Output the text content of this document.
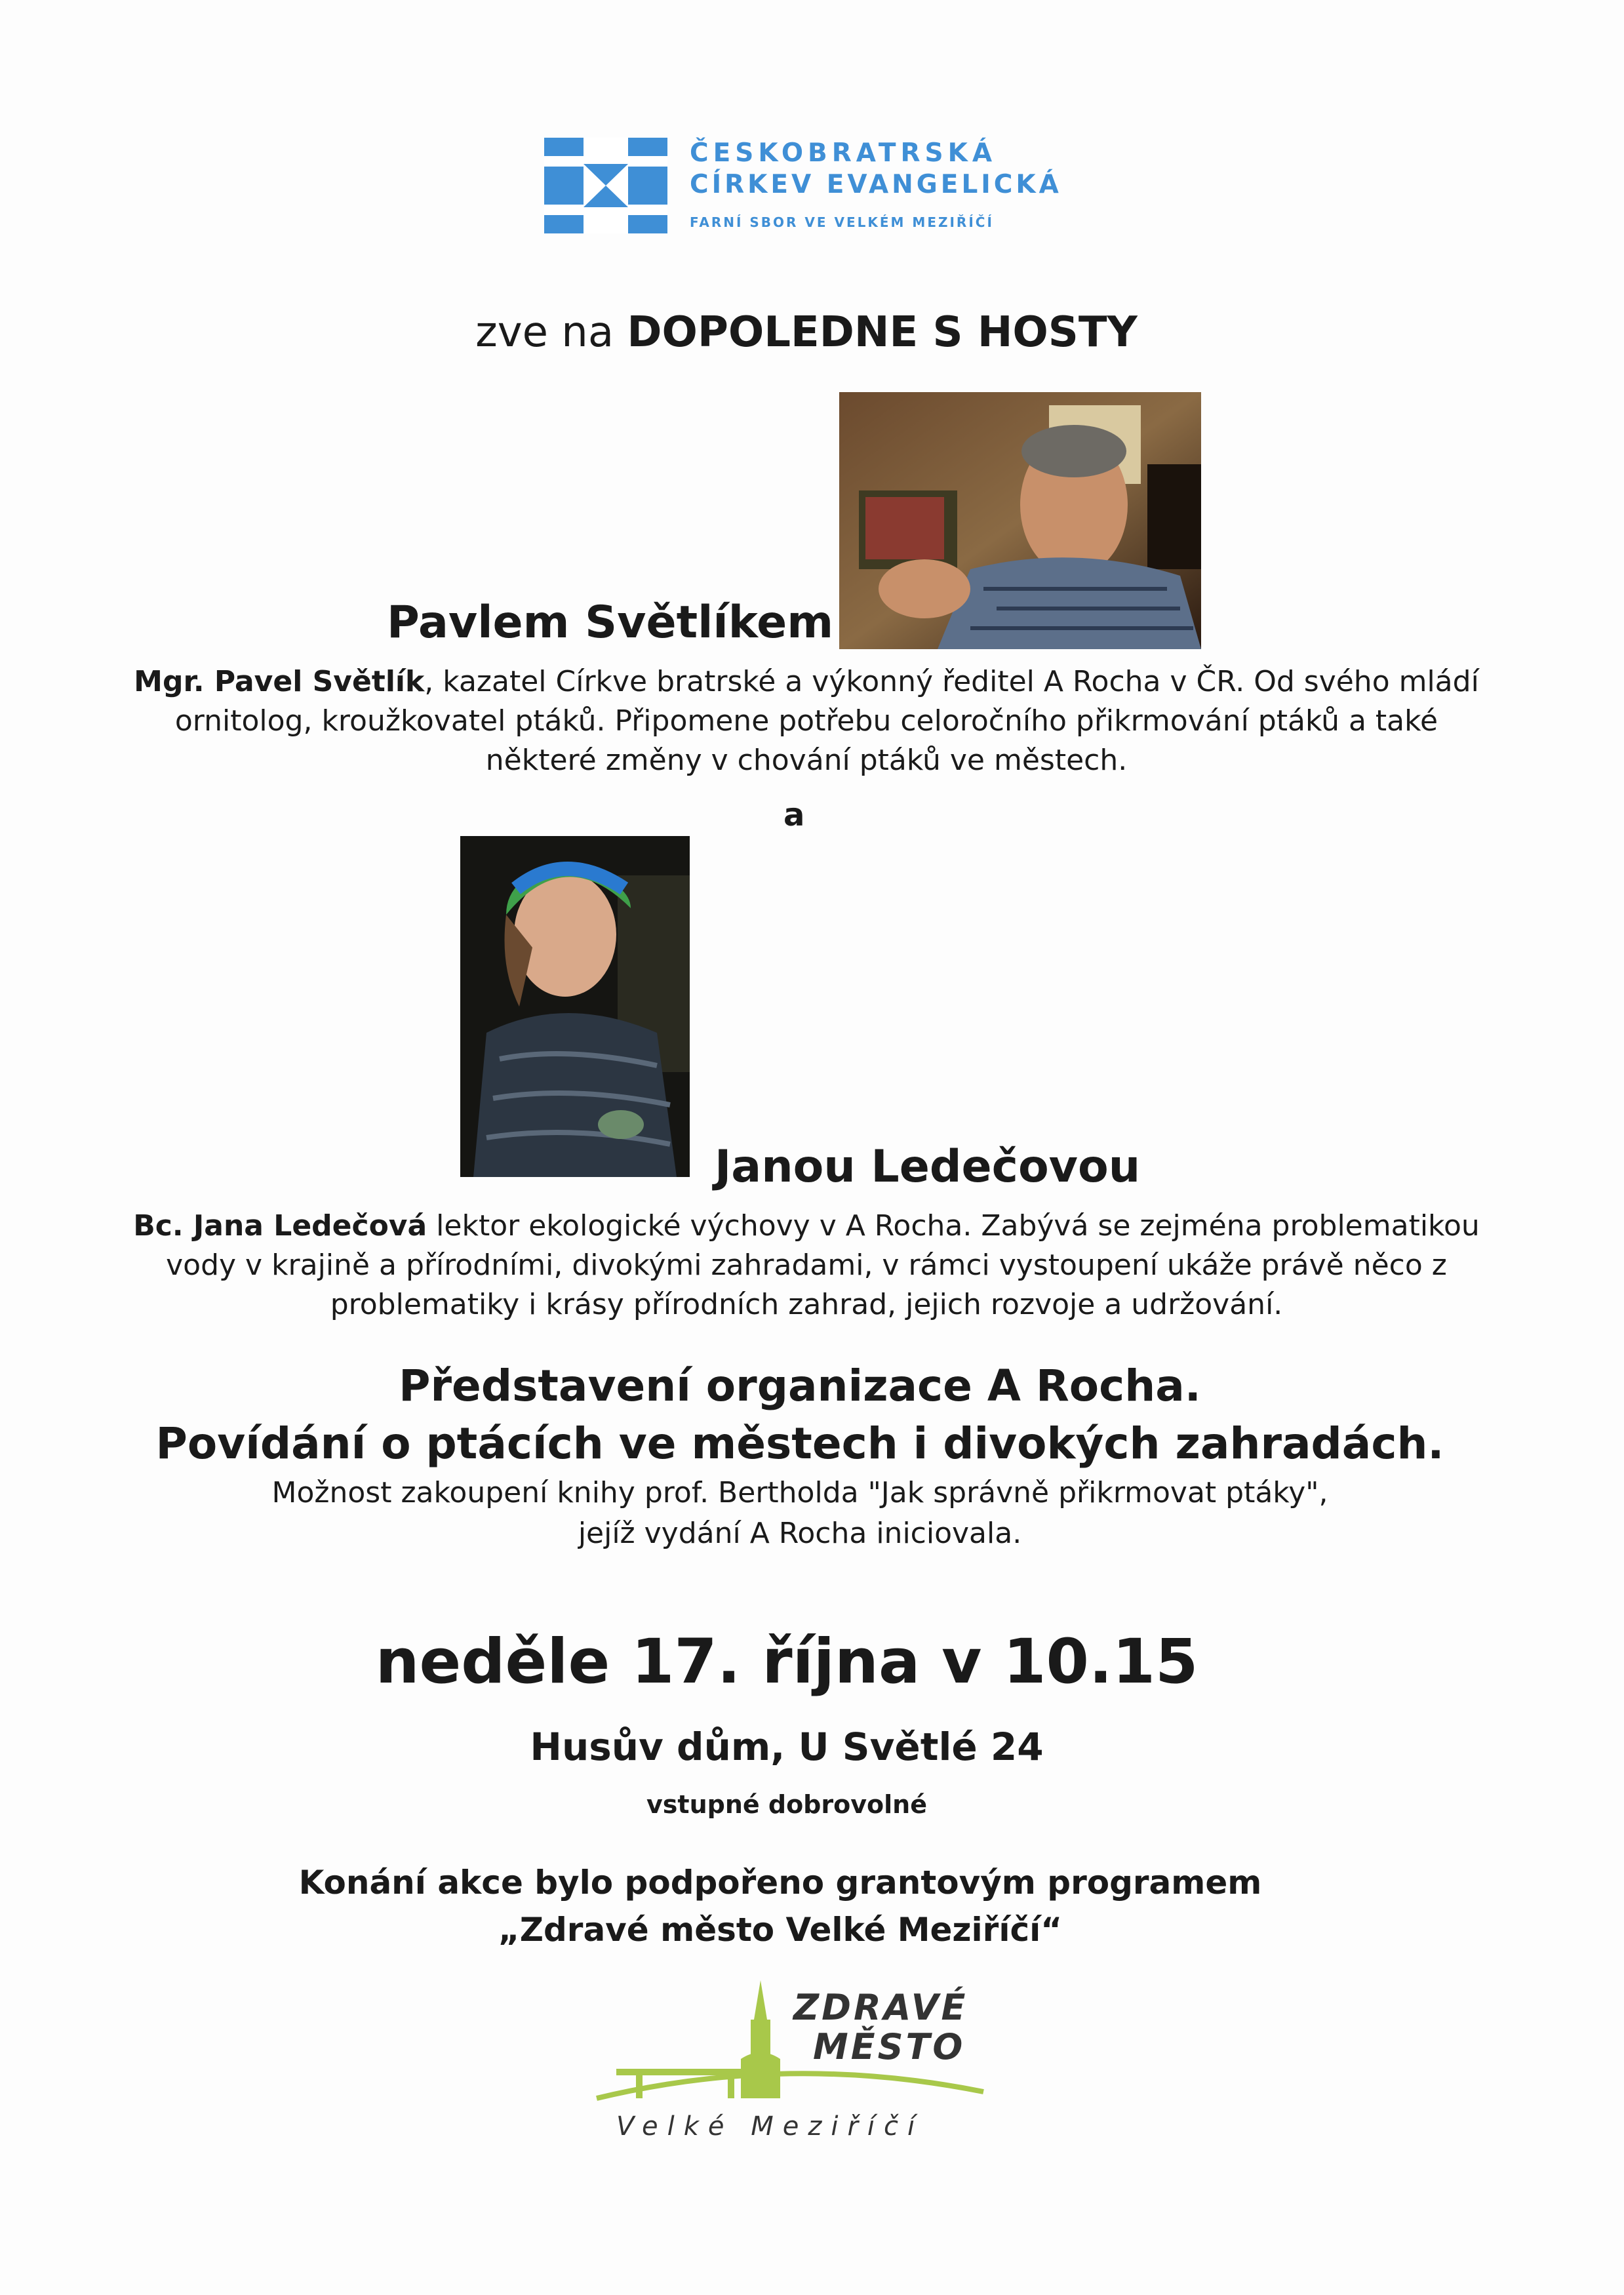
ČESKOBRATRSKÁ
CÍRKEV EVANGELICKÁ
FARNÍ SBOR VE VELKÉM MEZIŘÍČÍ
zve na DOPOLEDNE S HOSTY
Pavlem Světlíkem
Mgr. Pavel Světlík, kazatel Církve bratrské a výkonný ředitel A Rocha v ČR. Od svého mládí
ornitolog, kroužkovatel ptáků. Připomene potřebu celoročního přikrmování ptáků a také
některé změny v chování ptáků ve městech.
a
Janou Ledečovou
Bc. Jana Ledečová lektor ekologické výchovy v A Rocha. Zabývá se zejména problematikou
vody v krajině a přírodními, divokými zahradami, v rámci vystoupení ukáže právě něco z
problematiky i krásy přírodních zahrad, jejich rozvoje a udržování.
Představení organizace A Rocha.
Povídání o ptácích ve městech i divokých zahradách.
Možnost zakoupení knihy prof. Bertholda "Jak správně přikrmovat ptáky",
jejíž vydání A Rocha iniciovala.
neděle 17. října v 10.15
Husův dům, U Světlé 24
vstupné dobrovolné
Konání akce bylo podpořeno grantovým programem
„Zdravé město Velké Meziříčí“
ZDRAVÉ
MĚSTO
Velké Meziříčí
